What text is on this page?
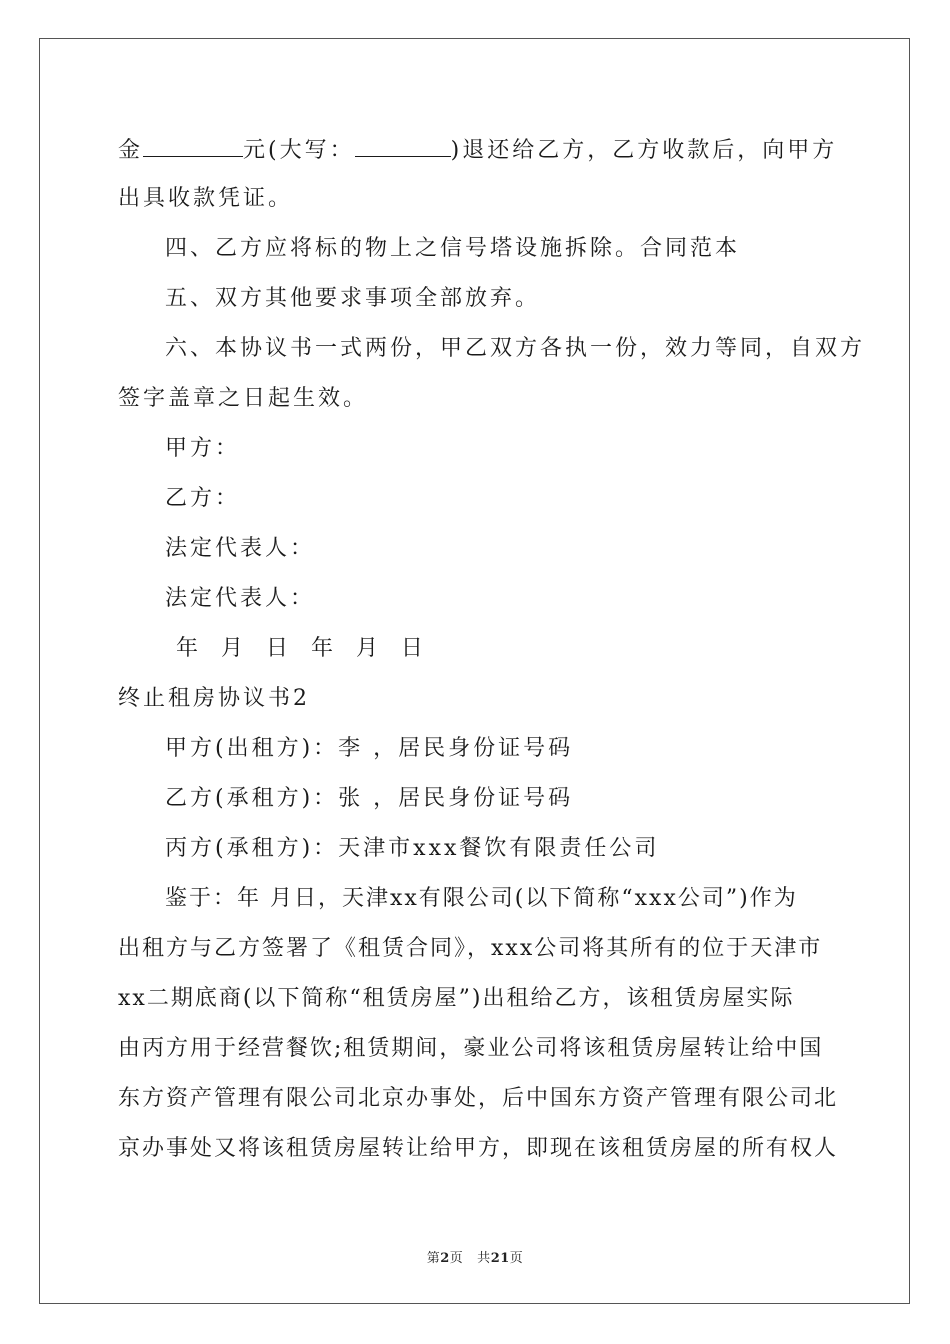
金	元(大写：	)退还给乙方，乙方收款后，向甲方
出具收款凭证。
四、乙方应将标的物上之信号塔设施拆除。合同范本
五、双方其他要求事项全部放弃。
六、本协议书一式两份，甲乙双方各执一份，效力等同，自双方
签字盖章之日起生效。
甲方：
乙方：
法定代表人：
法定代表人：
年  月  日  年  月  日
终止租房协议书2
甲方(出租方)：李 ，居民身份证号码
乙方(承租方)：张 ，居民身份证号码
丙方(承租方)：天津市xxx餐饮有限责任公司
鉴于：年 月日，天津xx有限公司(以下简称“xxx公司”)作为
出租方与乙方签署了《租赁合同》，xxx公司将其所有的位于天津市
xx二期底商(以下简称“租赁房屋”)出租给乙方，该租赁房屋实际
由丙方用于经营餐饮;租赁期间，豪业公司将该租赁房屋转让给中国
东方资产管理有限公司北京办事处，后中国东方资产管理有限公司北
京办事处又将该租赁房屋转让给甲方，即现在该租赁房屋的所有权人
第2页 共21页
